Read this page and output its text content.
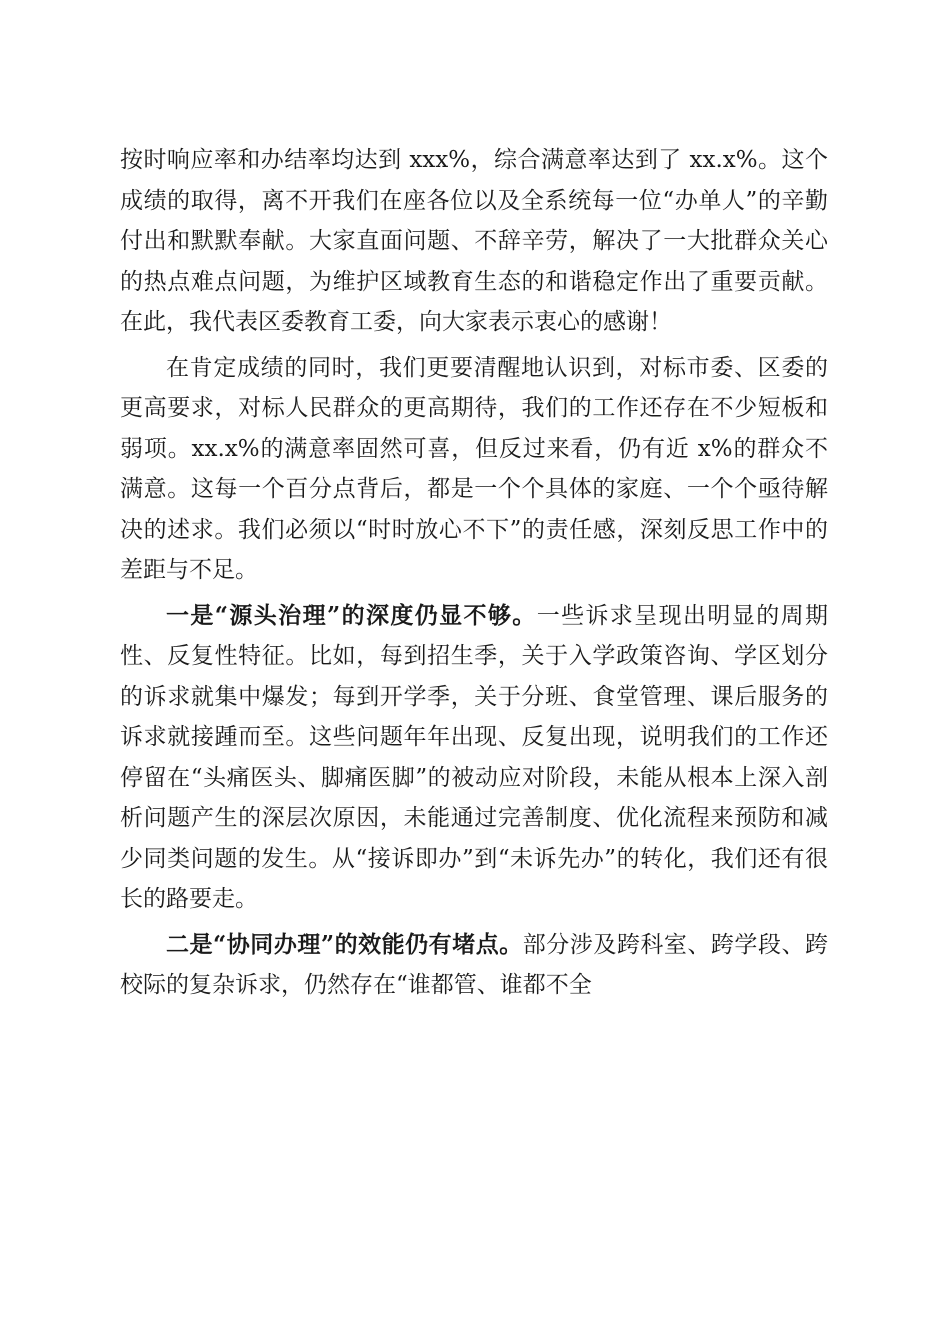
按时响应率和办结率均达到 xxx%，综合满意率达到了 xx.x%。这个成绩的取得，离不开我们在座各位以及全系统每一位“办单人”的辛勤付出和默默奉献。大家直面问题、不辞辛劳，解决了一大批群众关心的热点难点问题，为维护区域教育生态的和谐稳定作出了重要贡献。在此，我代表区委教育工委，向大家表示衷心的感谢！

在肯定成绩的同时，我们更要清醒地认识到，对标市委、区委的更高要求，对标人民群众的更高期待，我们的工作还存在不少短板和弱项。xx.x%的满意率固然可喜，但反过来看，仍有近 x%的群众不满意。这每一个百分点背后，都是一个个具体的家庭、一个个亟待解决的述求。我们必须以“时时放心不下”的责任感，深刻反思工作中的差距与不足。

一是“源头治理”的深度仍显不够。一些诉求呈现出明显的周期性、反复性特征。比如，每到招生季，关于入学政策咨询、学区划分的诉求就集中爆发；每到开学季，关于分班、食堂管理、课后服务的诉求就接踵而至。这些问题年年出现、反复出现，说明我们的工作还停留在“头痛医头、脚痛医脚”的被动应对阶段，未能从根本上深入剖析问题产生的深层次原因，未能通过完善制度、优化流程来预防和减少同类问题的发生。从“接诉即办”到“未诉先办”的转化，我们还有很长的路要走。

二是“协同办理”的效能仍有堵点。部分涉及跨科室、跨学段、跨校际的复杂诉求，仍然存在“谁都管、谁都不全
